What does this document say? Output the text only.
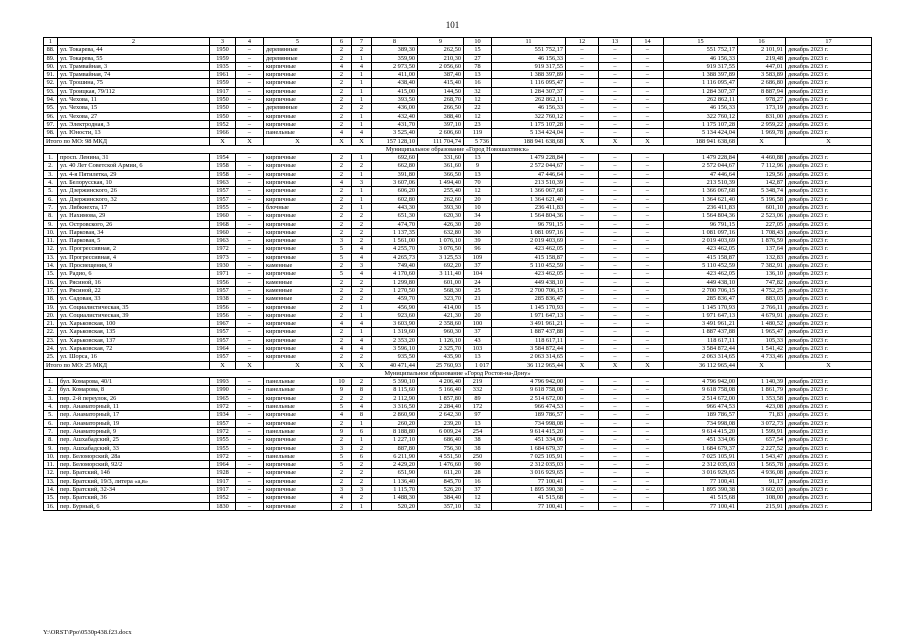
101
1	2	3	4	5	6	7	8	9	10	11	12	13	14	15	16	17
88.	ул. Токарева, 44	1950	–	деревянные	2	2	389,30	262,50	15	551 752,17	–	–	–	551 752,17	2 101,91	декабрь 2023 г.
89.	ул. Токарева, 55	1959	–	деревянные	2	1	359,90	210,30	27	46 156,33	–	–	–	46 156,33	219,48	декабрь 2023 г.
90.	ул. Трамвайная, 3	1935	–	кирпичные	4	4	2 973,50	2 056,60	78	919 317,55	–	–	–	919 317,55	447,01	декабрь 2023 г.
91.	ул. Трамвайная, 74	1961	–	кирпичные	2	1	411,00	387,40	13	1 388 397,89	–	–	–	1 388 397,89	3 583,89	декабрь 2023 г.
92.	ул. Трошина, 75	1959	–	кирпичные	2	1	438,40	415,40	16	1 116 095,47	–	–	–	1 116 095,47	2 686,80	декабрь 2023 г.
93.	ул. Троицкая, 79/112	1917	–	кирпичные	2	1	415,00	144,50	32	1 284 307,37	–	–	–	1 284 307,37	8 887,94	декабрь 2023 г.
94.	ул. Чехова, 11	1950	–	кирпичные	2	1	393,50	268,70	12	262 862,11	–	–	–	262 862,11	978,27	декабрь 2023 г.
95.	ул. Чехова, 15	1950	–	деревянные	2	2	436,00	266,50	22	46 156,33	–	–	–	46 156,33	173,19	декабрь 2023 г.
96.	ул. Чехова, 27	1950	–	кирпичные	2	1	432,40	388,40	12	322 760,12	–	–	–	322 760,12	831,00	декабрь 2023 г.
97.	ул. Электродная, 3	1952	–	кирпичные	2	1	431,70	397,10	23	1 175 107,28	–	–	–	1 175 107,28	2 959,22	декабрь 2023 г.
98.	ул. Юности, 13	1966	–	панельные	4	4	3 525,40	2 606,60	119	5 134 424,04	–	–	–	5 134 424,04	1 969,78	декабрь 2023 г.
Итого по МО: 98 МКД		X	X	X	X	X	157 128,10	111 704,74	5 736	188 941 638,68	X	X	X	188 941 638,68	X	X
Муниципальное образование «Город Новошахтинск»																
1.	просп. Ленина, 31	1954	–	кирпичные	2	1	692,60	331,60	13	1 479 228,84	–	–	–	1 479 228,84	4 460,88	декабрь 2023 г.
2.	ул. 40 Лет Советской Армии, 6	1958	–	кирпичные	2	2	662,80	361,60	9	2 572 044,67	–	–	–	2 572 044,67	7 112,96	декабрь 2023 г.
3.	ул. 4-я Пятилетка, 29	1958	–	кирпичные	2	1	391,80	366,50	13	47 446,64	–	–	–	47 446,64	129,56	декабрь 2023 г.
4.	ул. Белорусская, 10	1963	–	кирпичные	4	3	3 607,06	1 494,40	70	213 510,39	–	–	–	213 510,39	142,87	декабрь 2023 г.
5.	ул. Дзержинского, 26	1957	–	кирпичные	2	1	606,20	255,40	12	1 366 067,68	–	–	–	1 366 067,68	5 348,74	декабрь 2023 г.
6.	ул. Дзержинского, 32	1957	–	кирпичные	2	1	602,80	262,60	20	1 364 621,40	–	–	–	1 364 621,40	5 196,58	декабрь 2023 г.
7.	ул. Либкнехта, 17	1955	–	блочные	2	1	443,30	393,30	10	236 411,83	–	–	–	236 411,83	601,10	декабрь 2023 г.
8.	ул. Нахимова, 29	1960	–	кирпичные	2	2	651,30	620,30	34	1 564 804,36	–	–	–	1 564 804,36	2 523,06	декабрь 2023 г.
9.	ул. Островского, 26	1968	–	кирпичные	2	2	474,70	426,30	20	96 791,15	–	–	–	96 791,15	227,05	декабрь 2023 г.
10.	ул. Парковая, 34	1960	–	кирпичные	2	2	1 137,35	632,80	30	1 081 097,16	–	–	–	1 081 097,16	1 708,43	декабрь 2023 г.
11.	ул. Парковая, 5	1963	–	кирпичные	3	2	1 561,00	1 076,10	39	2 019 403,69	–	–	–	2 019 403,69	1 876,59	декабрь 2023 г.
12.	ул. Прогрессивная, 2	1972	–	кирпичные	5	4	4 255,70	3 076,50	96	423 462,05	–	–	–	423 462,05	137,64	декабрь 2023 г.
13.	ул. Прогрессивная, 4	1973	–	кирпичные	5	4	4 265,73	3 125,53	109	415 158,87	–	–	–	415 158,87	132,83	декабрь 2023 г.
14.	ул. Просвещения, 9	1930	–	каменные	2	3	749,40	692,20	37	5 110 452,59	–	–	–	5 110 452,59	7 382,91	декабрь 2023 г.
15.	ул. Радио, 6	1971	–	кирпичные	5	4	4 170,60	3 111,40	104	423 462,05	–	–	–	423 462,05	136,10	декабрь 2023 г.
16.	ул. Рясиной, 16	1956	–	каменные	2	2	1 299,80	601,00	24	449 438,10	–	–	–	449 438,10	747,82	декабрь 2023 г.
17.	ул. Рясиной, 22	1957	–	каменные	2	2	1 270,50	568,30	25	2 700 706,15	–	–	–	2 700 706,15	4 752,25	декабрь 2023 г.
18.	ул. Садовая, 33	1938	–	каменные	2	2	459,70	323,70	21	285 836,47	–	–	–	285 836,47	883,03	декабрь 2023 г.
19.	ул. Социалистическая, 35	1956	–	кирпичные	2	1	456,90	414,00	15	1 145 170,93	–	–	–	1 145 170,93	2 766,11	декабрь 2023 г.
20.	ул. Социалистическая, 39	1956	–	кирпичные	2	1	923,60	421,30	20	1 971 647,13	–	–	–	1 971 647,13	4 679,91	декабрь 2023 г.
21.	ул. Харьковская, 100	1967	–	кирпичные	4	4	3 603,90	2 358,60	100	3 491 961,21	–	–	–	3 491 961,21	1 480,52	декабрь 2023 г.
22.	ул. Харьковская, 135	1957	–	кирпичные	2	1	1 319,60	960,30	37	1 887 437,88	–	–	–	1 887 437,88	1 965,47	декабрь 2023 г.
23.	ул. Харьковская, 137	1957	–	кирпичные	2	4	2 353,20	1 126,10	43	118 617,11	–	–	–	118 617,11	105,33	декабрь 2023 г.
24.	ул. Харьковская, 72	1964	–	кирпичные	4	4	3 596,10	2 325,70	103	3 584 872,44	–	–	–	3 584 872,44	1 541,42	декабрь 2023 г.
25.	ул. Шорса, 16	1957	–	кирпичные	2	2	935,50	435,90	13	2 063 314,65	–	–	–	2 063 314,65	4 733,46	декабрь 2023 г.
Итого по МО: 25 МКД		X	X	X	X	X	40 471,44	25 760,93	1 017	36 112 965,44	X	X	X	36 112 965,44	X	X
Муниципальное образование «Город Ростов-на-Дону»																
1.	бул. Комарова, 40/1	1993	–	панельные	10	2	5 390,10	4 206,40	219	4 796 942,00	–	–	–	4 796 942,00	1 140,39	декабрь 2023 г.
2.	бул. Комарова, 8	1990	–	панельные	9	8	8 115,60	5 166,40	332	9 618 758,08	–	–	–	9 618 758,08	1 861,79	декабрь 2023 г.
3.	пер. 2-й переулок, 26	1965	–	кирпичные	2	2	2 112,90	1 857,80	89	2 514 672,00	–	–	–	2 514 672,00	1 353,58	декабрь 2023 г.
4.	пер. Анаматорный, 11	1972	–	панельные	5	4	3 316,50	2 284,40	172	966 474,53	–	–	–	966 474,53	423,08	декабрь 2023 г.
5.	пер. Анаматорный, 17	1934	–	кирпичные	4	8	2 860,90	2 642,30	97	189 786,57	–	–	–	189 786,57	71,83	декабрь 2023 г.
6.	пер. Анаматорный, 19	1957	–	кирпичные	2	1	260,20	239,20	13	734 998,08	–	–	–	734 998,08	3 072,73	декабрь 2023 г.
7.	пер. Анаматорный, 9	1972	–	панельные	9	6	8 188,80	6 009,24	254	9 614 415,20	–	–	–	9 614 415,20	1 599,91	декабрь 2023 г.
8.	пер. Ашхабадский, 25	1955	–	кирпичные	2	1	1 227,10	686,40	38	451 334,06	–	–	–	451 334,06	657,54	декабрь 2023 г.
9.	пер. Ашхабадский, 33	1955	–	кирпичные	3	2	887,80	756,30	38	1 684 679,37	–	–	–	1 684 679,37	2 227,52	декабрь 2023 г.
10.	пер. Беломорский, 28а	1972	–	панельные	5	6	6 211,90	4 551,50	250	7 025 105,91	–	–	–	7 025 105,91	1 543,47	декабрь 2023 г.
11.	пер. Беломорский, 92/2	1964	–	кирпичные	5	2	2 429,20	1 476,60	90	2 312 035,03	–	–	–	2 312 035,03	1 565,78	декабрь 2023 г.
12.	пер. Братский, 14б	1928	–	кирпичные	2	2	651,90	611,20	28	3 016 929,65	–	–	–	3 016 929,65	4 936,08	декабрь 2023 г.
13.	пер. Братский, 19/3, литера «a,в»	1917	–	кирпичные	2	2	1 136,40	845,70	16	77 100,41	–	–	–	77 100,41	91,17	декабрь 2023 г.
14.	пер. Братский, 32-34	1917	–	кирпичные	3	3	1 115,70	526,20	37	1 895 390,38	–	–	–	1 895 390,38	3 602,03	декабрь 2023 г.
15.	пер. Братский, 36	1952	–	кирпичные	4	2	1 488,30	384,40	12	41 515,68	–	–	–	41 515,68	108,00	декабрь 2023 г.
16.	пер. Бурный, 6	1830	–	кирпичные	2	1	520,20	357,10	32	77 100,41	–	–	–	77 100,41	215,91	декабрь 2023 г.
Y:\ORST\Ppo\0530p438.f23.docx
